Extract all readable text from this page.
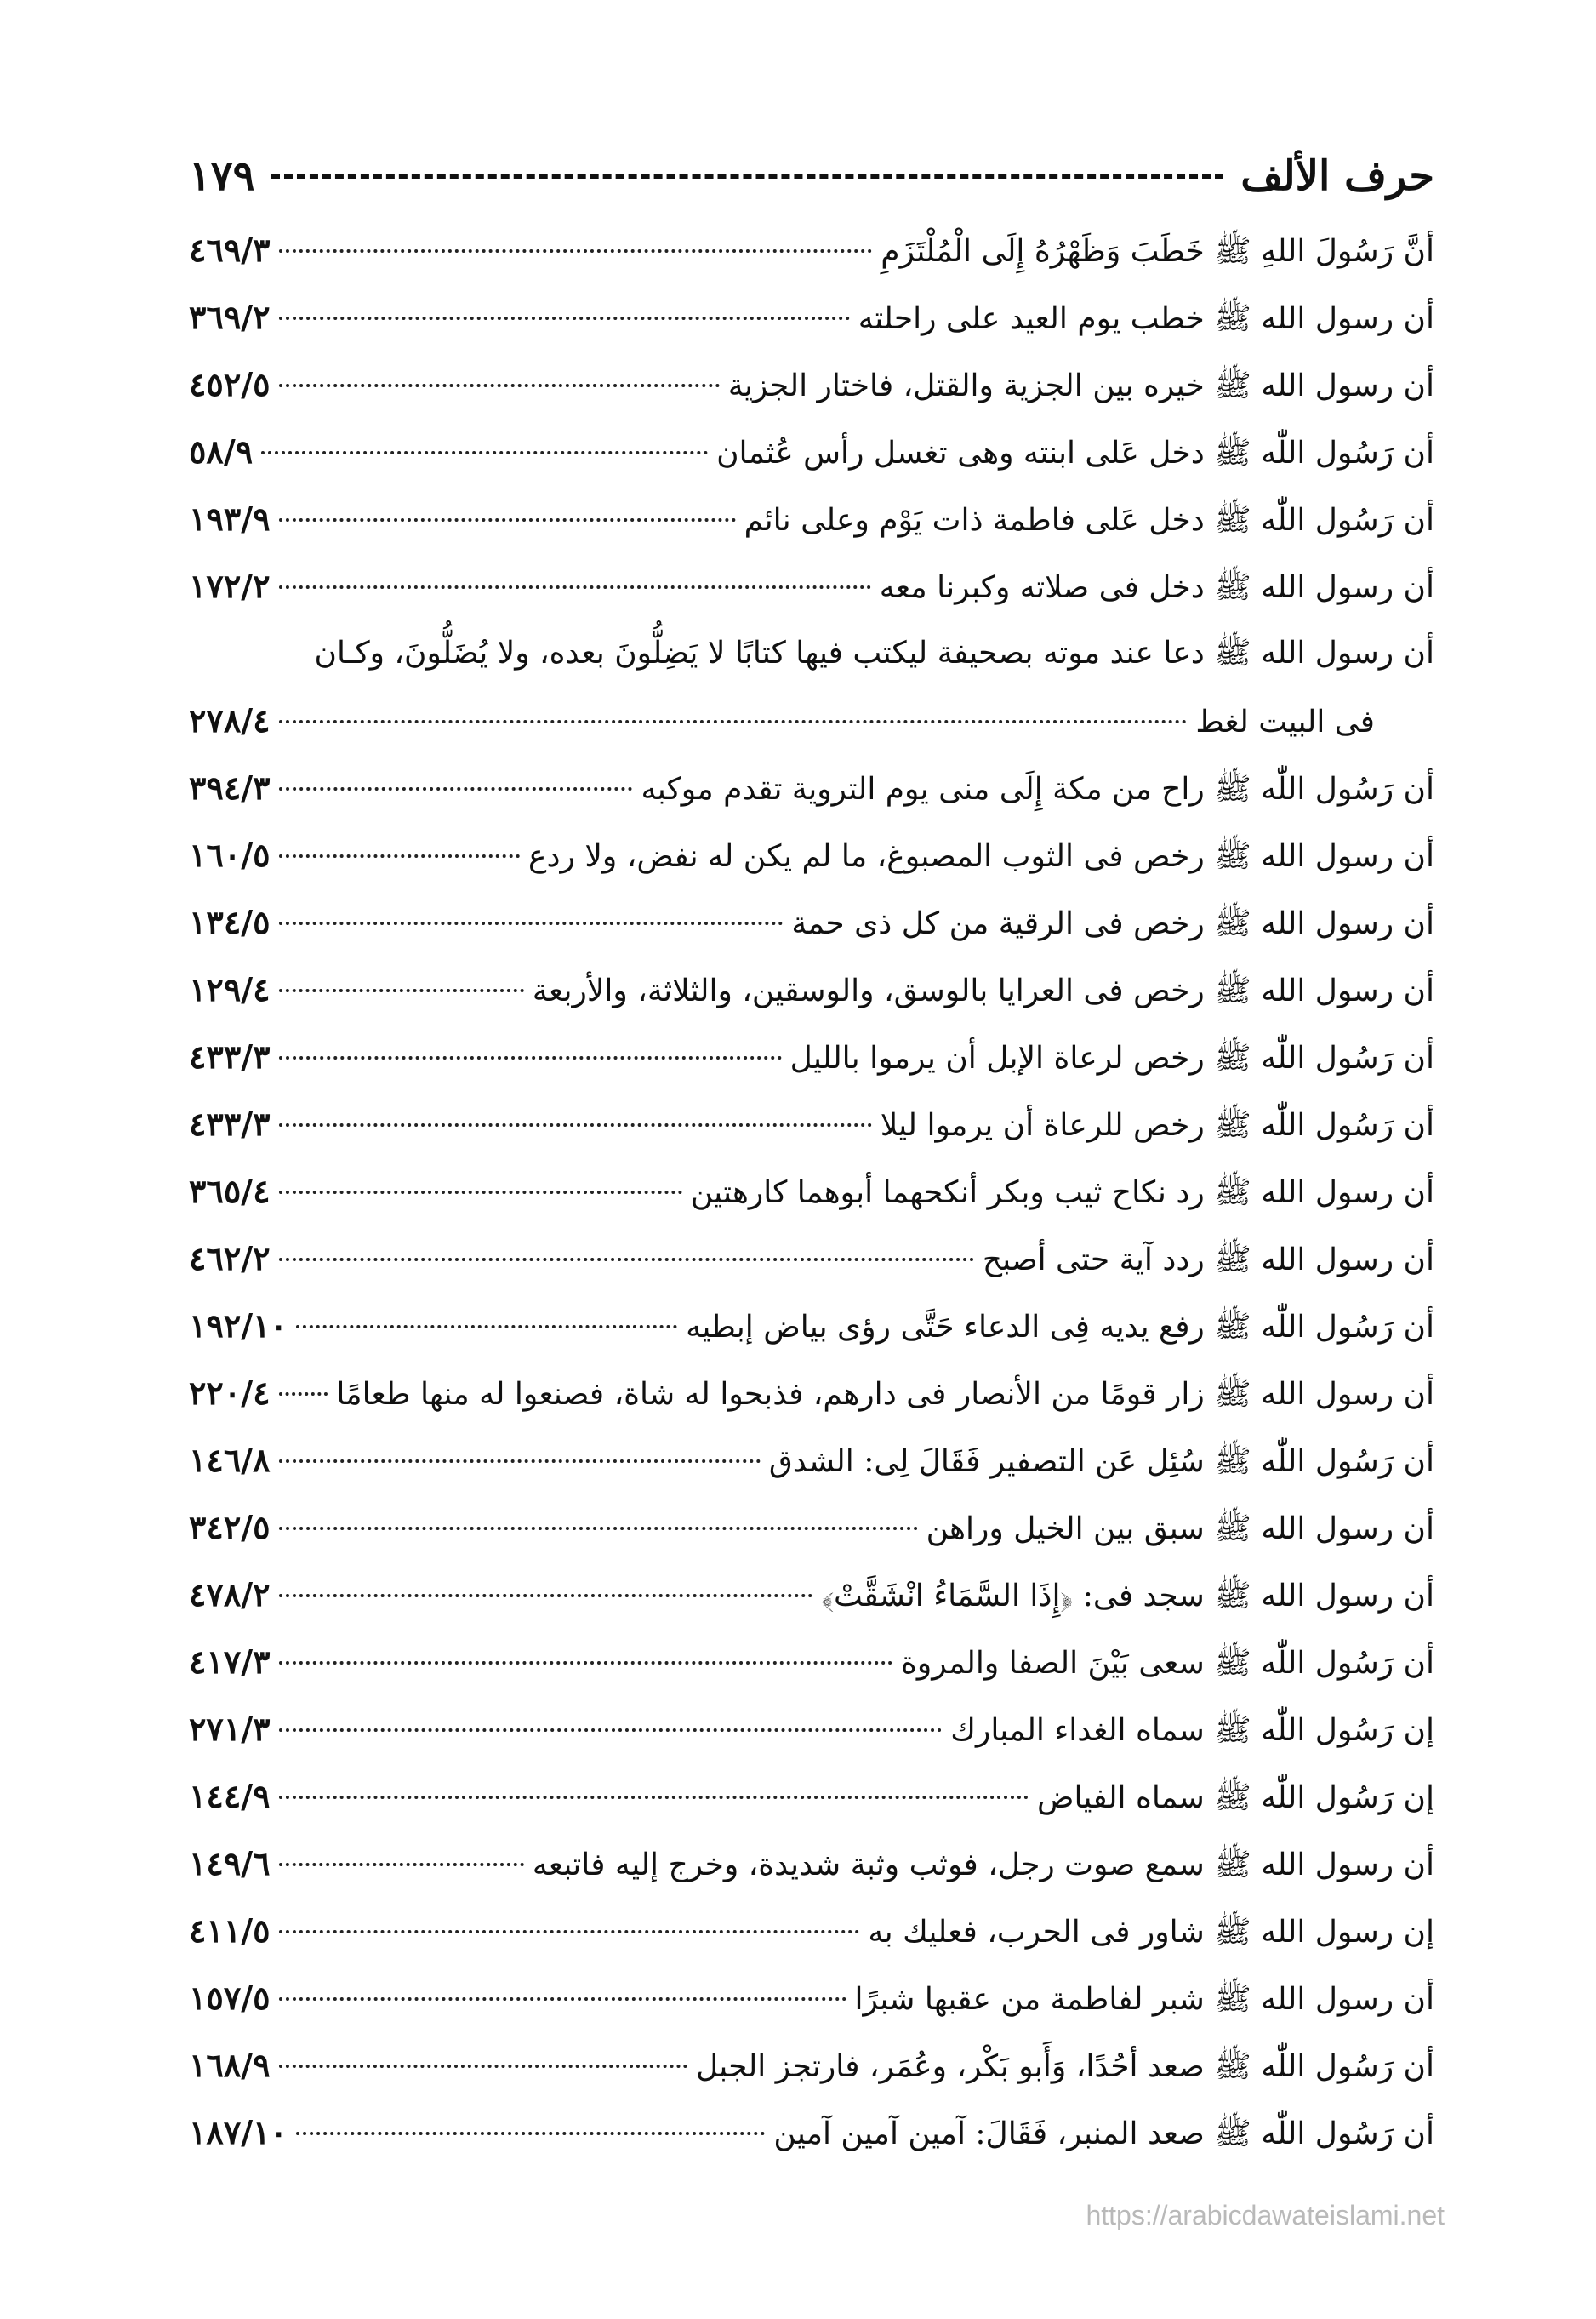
حرف الألف
١٧٩
أنَّ رَسُولَ اللهِ ﷺ خَطَبَ وَظَهْرُهُ إِلَى الْمُلْتَزَمِ
٤٦٩/٣
أن رسول الله ﷺ خطب يوم العيد على راحلته
٣٦٩/٢
أن رسول الله ﷺ خيره بين الجزية والقتل، فاختار الجزية
٤٥٢/٥
أن رَسُول اللّٰه ﷺ دخل عَلى ابنته وهى تغسل رأس عُثمان
٥٨/٩
أن رَسُول اللّٰه ﷺ دخل عَلى فاطمة ذات يَوْم وعلى نائم
١٩٣/٩
أن رسول الله ﷺ دخل فى صلاته وكبرنا معه
١٧٢/٢
أن رسول الله ﷺ دعا عند موته بصحيفة ليكتب فيها كتابًا لا يَضِلُّونَ بعده، ولا يُضَلُّونَ، وكـان
فى البيت لغط
٢٧٨/٤
أن رَسُول اللّٰه ﷺ راح من مكة إِلَى منى يوم التروية تقدم موكبه
٣٩٤/٣
أن رسول الله ﷺ رخص فى الثوب المصبوغ، ما لم يكن له نفض، ولا ردع
١٦٠/٥
أن رسول الله ﷺ رخص فى الرقية من كل ذى حمة
١٣٤/٥
أن رسول الله ﷺ رخص فى العرايا بالوسق، والوسقين، والثلاثة، والأربعة
١٢٩/٤
أن رَسُول اللّٰه ﷺ رخص لرعاة الإبل أن يرموا بالليل
٤٣٣/٣
أن رَسُول اللّٰه ﷺ رخص للرعاة أن يرموا ليلا
٤٣٣/٣
أن رسول الله ﷺ رد نكاح ثيب وبكر أنكحهما أبوهما كارهتين
٣٦٥/٤
أن رسول الله ﷺ ردد آية حتى أصبح
٤٦٢/٢
أن رَسُول اللّٰه ﷺ رفع يديه فِى الدعاء حَتَّى رؤى بياض إبطيه
١٩٢/١٠
أن رسول الله ﷺ زار قومًا من الأنصار فى دارهم، فذبحوا له شاة، فصنعوا له منها طعامًا
٢٢٠/٤
أن رَسُول اللّٰه ﷺ سُئِل عَن التصفير فَقَالَ لِى: الشدق
١٤٦/٨
أن رسول الله ﷺ سبق بين الخيل وراهن
٣٤٢/٥
أن رسول الله ﷺ سجد فى: ﴿إِذَا السَّمَاءُ انْشَقَّتْ﴾
٤٧٨/٢
أن رَسُول اللّٰه ﷺ سعى بَيْنَ الصفا والمروة
٤١٧/٣
إن رَسُول اللّٰه ﷺ سماه الغداء المبارك
٢٧١/٣
إن رَسُول اللّٰه ﷺ سماه الفياض
١٤٤/٩
أن رسول الله ﷺ سمع صوت رجل، فوثب وثبة شديدة، وخرج إليه فاتبعه
١٤٩/٦
إن رسول الله ﷺ شاور فى الحرب، فعليك به
٤١١/٥
أن رسول الله ﷺ شبر لفاطمة من عقبها شبرًا
١٥٧/٥
أن رَسُول اللّٰه ﷺ صعد أحُدًا، وَأَبو بَكْر، وعُمَر، فارتجز الجبل
١٦٨/٩
أن رَسُول اللّٰه ﷺ صعد المنبر، فَقَالَ: آمين آمين آمين
١٨٧/١٠
https://arabicdawateislami.net
